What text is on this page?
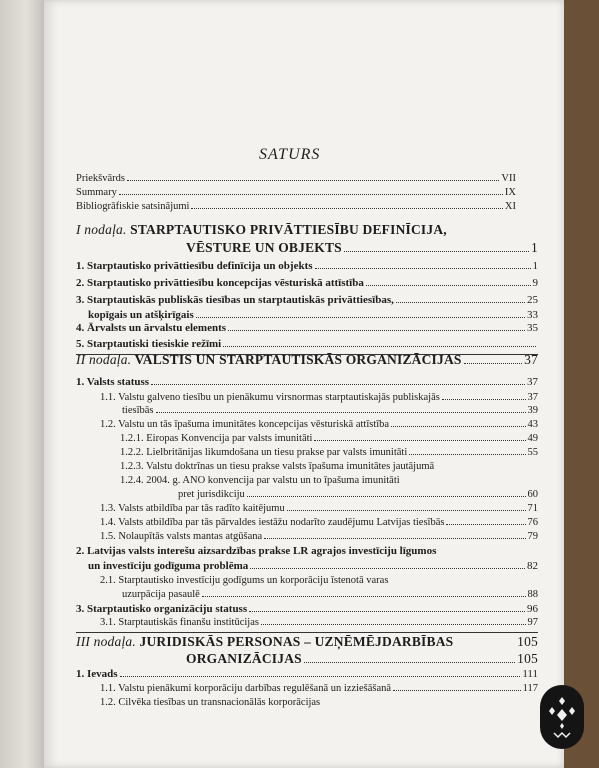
SATURS
Priekšvārds	VII
Summary	IX
Bibliogrāfiskie satsinājumi	XI
I nodaļa. STARPTAUTISKO PRIVĀTTIESĪBU DEFINĪCIJA,
VĒSTURE UN OBJEKTS	1
1. Starptautisko privāttiesību definīcija un objekts	1
2. Starptautisko privāttiesību koncepcijas vēsturiskā attīstība	9
3. Starptautiskās publiskās tiesības un starptautiskās privāttiesības,	25
kopīgais un atšķirīgais	33
4. Ārvalsts un ārvalstu elements	35
5. Starptautiski tiesiskie režīmi
II nodaļa. VALSTIS UN STARPTAUTISKĀS ORGANIZĀCIJAS	37
1. Valsts statuss	37
1.1. Valstu galveno tiesību un pienākumu virsnormas starptautiskajās publiskajās	37
tiesībās	39
1.2. Valstu un tās īpašuma imunitātes koncepcijas vēsturiskā attīstība	43
1.2.1. Eiropas Konvencija par valsts imunitāti	49
1.2.2. Lielbritānijas likumdošana un tiesu prakse par valsts imunitāti	55
1.2.3. Valstu doktrīnas un tiesu prakse valsts īpašuma imunitātes jautājumā
1.2.4. 2004. g. ANO konvencija par valstu un to īpašuma imunitāti
pret jurisdikciju	60
1.3. Valsts atbildība par tās radīto kaitējumu	71
1.4. Valsts atbildība par tās pārvaldes iestāžu nodarīto zaudējumu Latvijas tiesībās	76
1.5. Nolaupītās valsts mantas atgūšana	79
2. Latvijas valsts interešu aizsardzības prakse LR agrajos investīciju līgumos
un investīciju godīguma problēma	82
2.1. Starptautisko investīciju godīgums un korporāciju īstenotā varas
uzurpācija pasaulē	88
3. Starptautisko organizāciju statuss	96
3.1. Starptautiskās finanšu institūcijas	97
III nodaļa. JURIDISKĀS PERSONAS – UZŅĒMĒJDARBĪBAS	105
ORGANIZĀCIJAS	105
1. Ievads	111
1.1. Valstu pienākumi korporāciju darbības regulēšanā un izziešāšanā	117
1.2. Cilvēka tiesības un transnacionālās korporācijas
